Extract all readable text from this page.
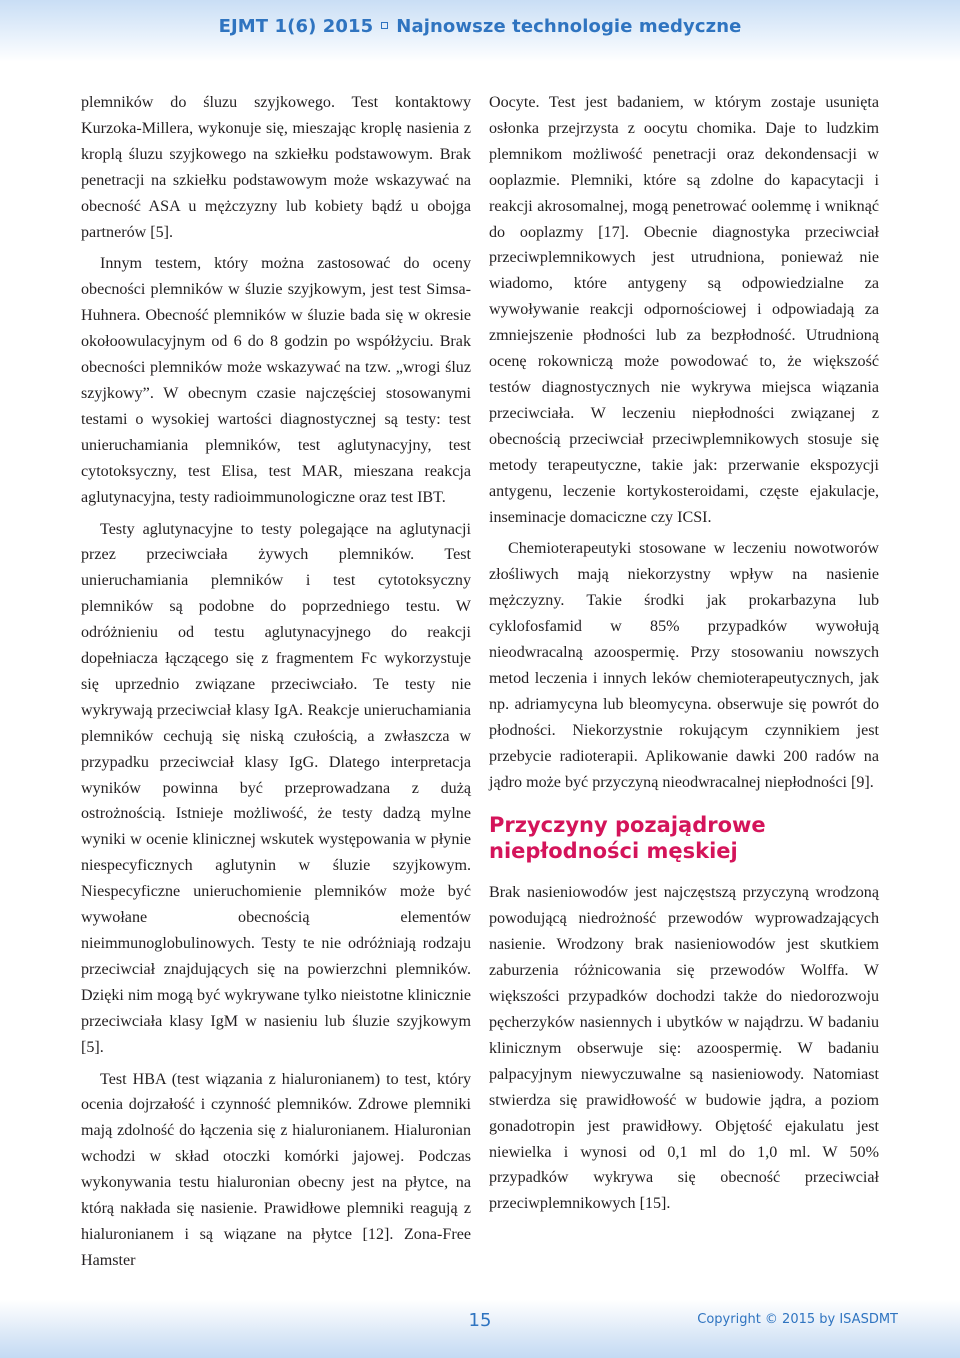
EJMT 1(6) 2015 Najnowsze technologie medyczne

plemników do śluzu szyjkowego. Test kontaktowy Kurzoka-Millera, wykonuje się, mieszając kroplę nasienia z kroplą śluzu szyjkowego na szkiełku podstawowym. Brak penetracji na szkiełku podstawowym może wskazywać na obecność ASA u mężczyzny lub kobiety bądź u obojga partnerów [5].

Innym testem, który można zastosować do oceny obecności plemników w śluzie szyjkowym, jest test Simsa-Huhnera. Obecność plemników w śluzie bada się w okresie okołoowulacyjnym od 6 do 8 godzin po współżyciu. Brak obecności plemników może wskazywać na tzw. „wrogi śluz szyjkowy”. W obecnym czasie najczęściej stosowanymi testami o wysokiej wartości diagnostycznej są testy: test unieruchamiania plemników, test aglutynacyjny, test cytotoksyczny, test Elisa, test MAR, mieszana reakcja aglutynacyjna, testy radioimmunologiczne oraz test IBT.

Testy aglutynacyjne to testy polegające na aglutynacji przez przeciwciała żywych plemników. Test unieruchamiania plemników i test cytotoksyczny plemników są podobne do poprzedniego testu. W odróżnieniu od testu aglutynacyjnego do reakcji dopełniacza łączącego się z fragmentem Fc wykorzystuje się uprzednio związane przeciwciało. Te testy nie wykrywają przeciwciał klasy IgA. Reakcje unieruchamiania plemników cechują się niską czułością, a zwłaszcza w przypadku przeciwciał klasy IgG. Dlatego interpretacja wyników powinna być przeprowadzana z dużą ostrożnością. Istnieje możliwość, że testy dadzą mylne wyniki w ocenie klinicznej wskutek występowania w płynie niespecyficznych aglutynin w śluzie szyjkowym. Niespecyficzne unieruchomienie plemników może być wywołane obecnością elementów nieimmunoglobulinowych. Testy te nie odróżniają rodzaju przeciwciał znajdujących się na powierzchni plemników. Dzięki nim mogą być wykrywane tylko nieistotne klinicznie przeciwciała klasy IgM w nasieniu lub śluzie szyjkowym [5].

Test HBA (test wiązania z hialuronianem) to test, który ocenia dojrzałość i czynność plemników. Zdrowe plemniki mają zdolność do łączenia się z hialuronianem. Hialuronian wchodzi w skład otoczki komórki jajowej. Podczas wykonywania testu hialuronian obecny jest na płytce, na którą nakłada się nasienie. Prawidłowe plemniki reagują z hialuronianem i są wiązane na płytce [12]. Zona-Free Hamster

Oocyte. Test jest badaniem, w którym zostaje usunięta osłonka przejrzysta z oocytu chomika. Daje to ludzkim plemnikom możliwość penetracji oraz dekondensacji w ooplazmie. Plemniki, które są zdolne do kapacytacji i reakcji akrosomalnej, mogą penetrować oolemmę i wniknąć do ooplazmy [17]. Obecnie diagnostyka przeciwciał przeciwplemnikowych jest utrudniona, ponieważ nie wiadomo, które antygeny są odpowiedzialne za wywoływanie reakcji odpornościowej i odpowiadają za zmniejszenie płodności lub za bezpłodność. Utrudnioną ocenę rokowniczą może powodować to, że większość testów diagnostycznych nie wykrywa miejsca wiązania przeciwciała. W leczeniu niepłodności związanej z obecnością przeciwciał przeciwplemnikowych stosuje się metody terapeutyczne, takie jak: przerwanie ekspozycji antygenu, leczenie kortykosteroidami, częste ejakulacje, inseminacje domaciczne czy ICSI.

Chemioterapeutyki stosowane w leczeniu nowotworów złośliwych mają niekorzystny wpływ na nasienie mężczyzny. Takie środki jak prokarbazyna lub cyklofosfamid w 85% przypadków wywołują nieodwracalną azoospermię. Przy stosowaniu nowszych metod leczenia i innych leków chemioterapeutycznych, jak np. adriamycyna lub bleomycyna. obserwuje się powrót do płodności. Niekorzystnie rokującym czynnikiem jest przebycie radioterapii. Aplikowanie dawki 200 radów na jądro może być przyczyną nieodwracalnej niepłodności [9].

Przyczyny pozajądrowe niepłodności męskiej

Brak nasieniowodów jest najczęstszą przyczyną wrodzoną powodującą niedrożność przewodów wyprowadzających nasienie. Wrodzony brak nasieniowodów jest skutkiem zaburzenia różnicowania się przewodów Wolffa. W większości przypadków dochodzi także do niedorozwoju pęcherzyków nasiennych i ubytków w najądrzu. W badaniu klinicznym obserwuje się: azoospermię. W badaniu palpacyjnym niewyczuwalne są nasieniowody. Natomiast stwierdza się prawidłowość w budowie jądra, a poziom gonadotropin jest prawidłowy. Objętość ejakulatu jest niewielka i wynosi od 0,1 ml do 1,0 ml. W 50% przypadków wykrywa się obecność przeciwciał przeciwplemnikowych [15].

15	Copyright © 2015 by ISASDMT
